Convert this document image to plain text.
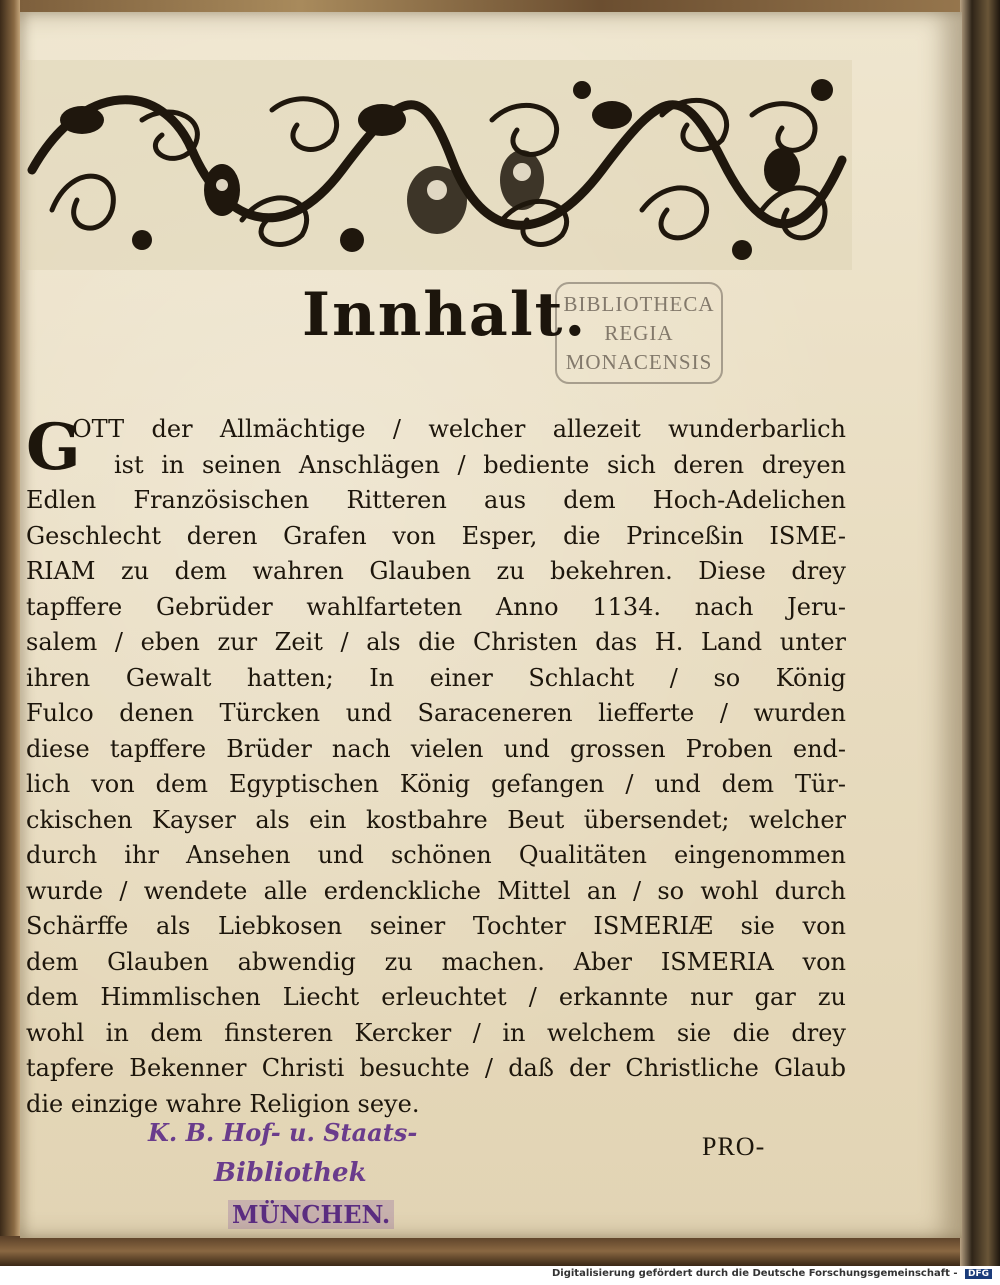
BIBLIOTHECA
REGIA
MONACENSIS
Innhalt.
G
OTT der Allmächtige / welcher allezeit wunderbarlich
ist in seinen Anschlägen / bediente sich deren dreyen
Edlen Französischen Ritteren aus dem Hoch-Adelichen
Geschlecht deren Grafen von Esper, die Princeßin ISME-
RIAM zu dem wahren Glauben zu bekehren. Diese drey
tapffere Gebrüder wahlfarteten Anno 1134. nach Jeru-
salem / eben zur Zeit / als die Christen das H. Land unter
ihren Gewalt hatten; In einer Schlacht / so König
Fulco denen Türcken und Saraceneren liefferte / wurden
diese tapffere Brüder nach vielen und grossen Proben end-
lich von dem Egyptischen König gefangen / und dem Tür-
ckischen Kayser als ein kostbahre Beut übersendet; welcher
durch ihr Ansehen und schönen Qualitäten eingenommen
wurde / wendete alle erdenckliche Mittel an / so wohl durch
Schärffe als Liebkosen seiner Tochter ISMERIÆ sie von
dem Glauben abwendig zu machen. Aber ISMERIA von
dem Himmlischen Liecht erleuchtet / erkannte nur gar zu
wohl in dem finsteren Kercker / in welchem sie die drey
tapfere Bekenner Christi besuchte / daß der Christliche Glaub
die einzige wahre Religion seye.
K. B. Hof- u. Staats-
Bibliothek
MÜNCHEN.
PRO-
Digitalisierung gefördert durch die Deutsche Forschungsgemeinschaft - DFG
